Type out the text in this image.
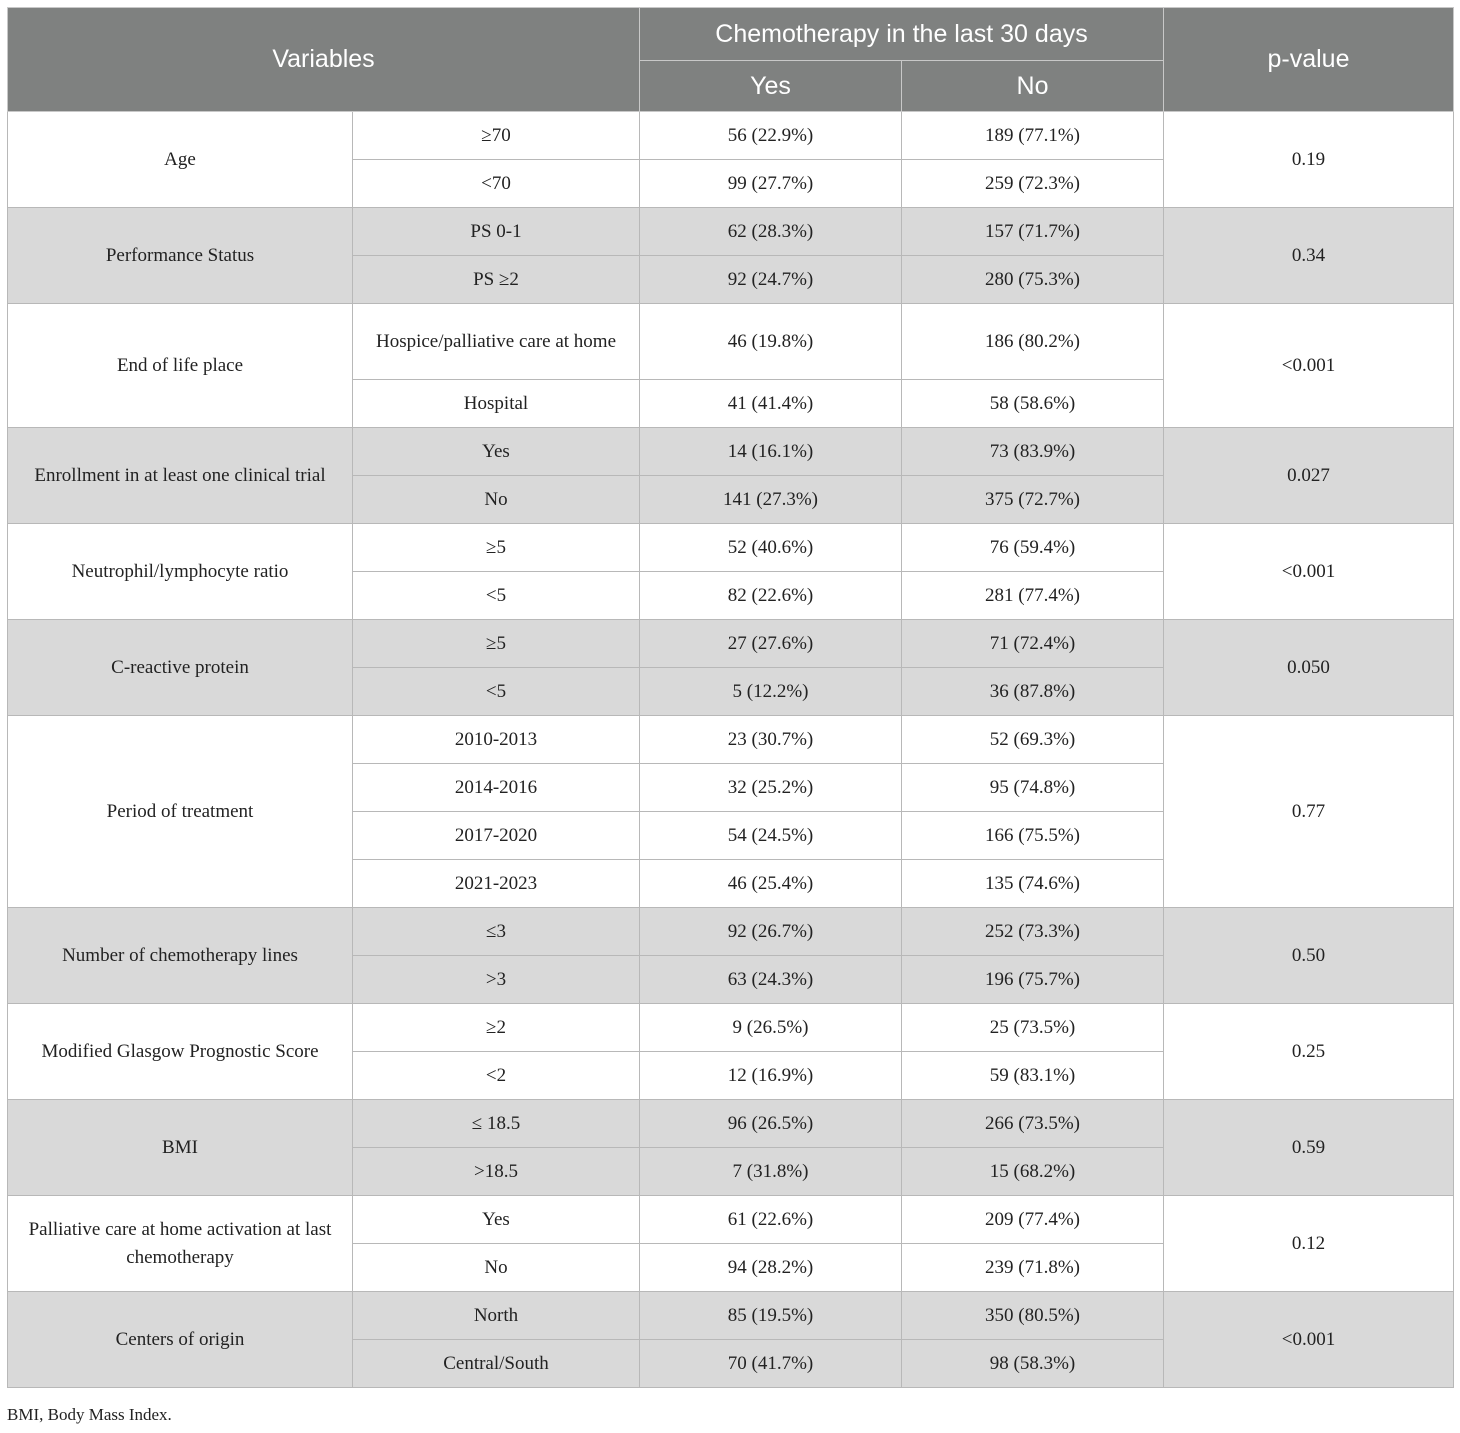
Variables		Chemotherapy in the last 30 days		p-value
		Yes	No	
Age	≥70	56 (22.9%)	189 (77.1%)	0.19
	<70	99 (27.7%)	259 (72.3%)	
Performance Status	PS 0-1	62 (28.3%)	157 (71.7%)	0.34
	PS ≥2	92 (24.7%)	280 (75.3%)	
End of life place	Hospice/palliative care at home	46 (19.8%)	186 (80.2%)	<0.001
	Hospital	41 (41.4%)	58 (58.6%)	
Enrollment in at least one clinical trial	Yes	14 (16.1%)	73 (83.9%)	0.027
	No	141 (27.3%)	375 (72.7%)	
Neutrophil/lymphocyte ratio	≥5	52 (40.6%)	76 (59.4%)	<0.001
	<5	82 (22.6%)	281 (77.4%)	
C-reactive protein	≥5	27 (27.6%)	71 (72.4%)	0.050
	<5	5 (12.2%)	36 (87.8%)	
Period of treatment	2010-2013	23 (30.7%)	52 (69.3%)	0.77
	2014-2016	32 (25.2%)	95 (74.8%)	
	2017-2020	54 (24.5%)	166 (75.5%)	
	2021-2023	46 (25.4%)	135 (74.6%)	
Number of chemotherapy lines	≤3	92 (26.7%)	252 (73.3%)	0.50
	>3	63 (24.3%)	196 (75.7%)	
Modified Glasgow Prognostic Score	≥2	9 (26.5%)	25 (73.5%)	0.25
	<2	12 (16.9%)	59 (83.1%)	
BMI	≤ 18.5	96 (26.5%)	266 (73.5%)	0.59
	>18.5	7 (31.8%)	15 (68.2%)	
Palliative care at home activation at last chemotherapy	Yes	61 (22.6%)	209 (77.4%)	0.12
	No	94 (28.2%)	239 (71.8%)	
Centers of origin	North	85 (19.5%)	350 (80.5%)	<0.001
	Central/South	70 (41.7%)	98 (58.3%)	
BMI, Body Mass Index.
